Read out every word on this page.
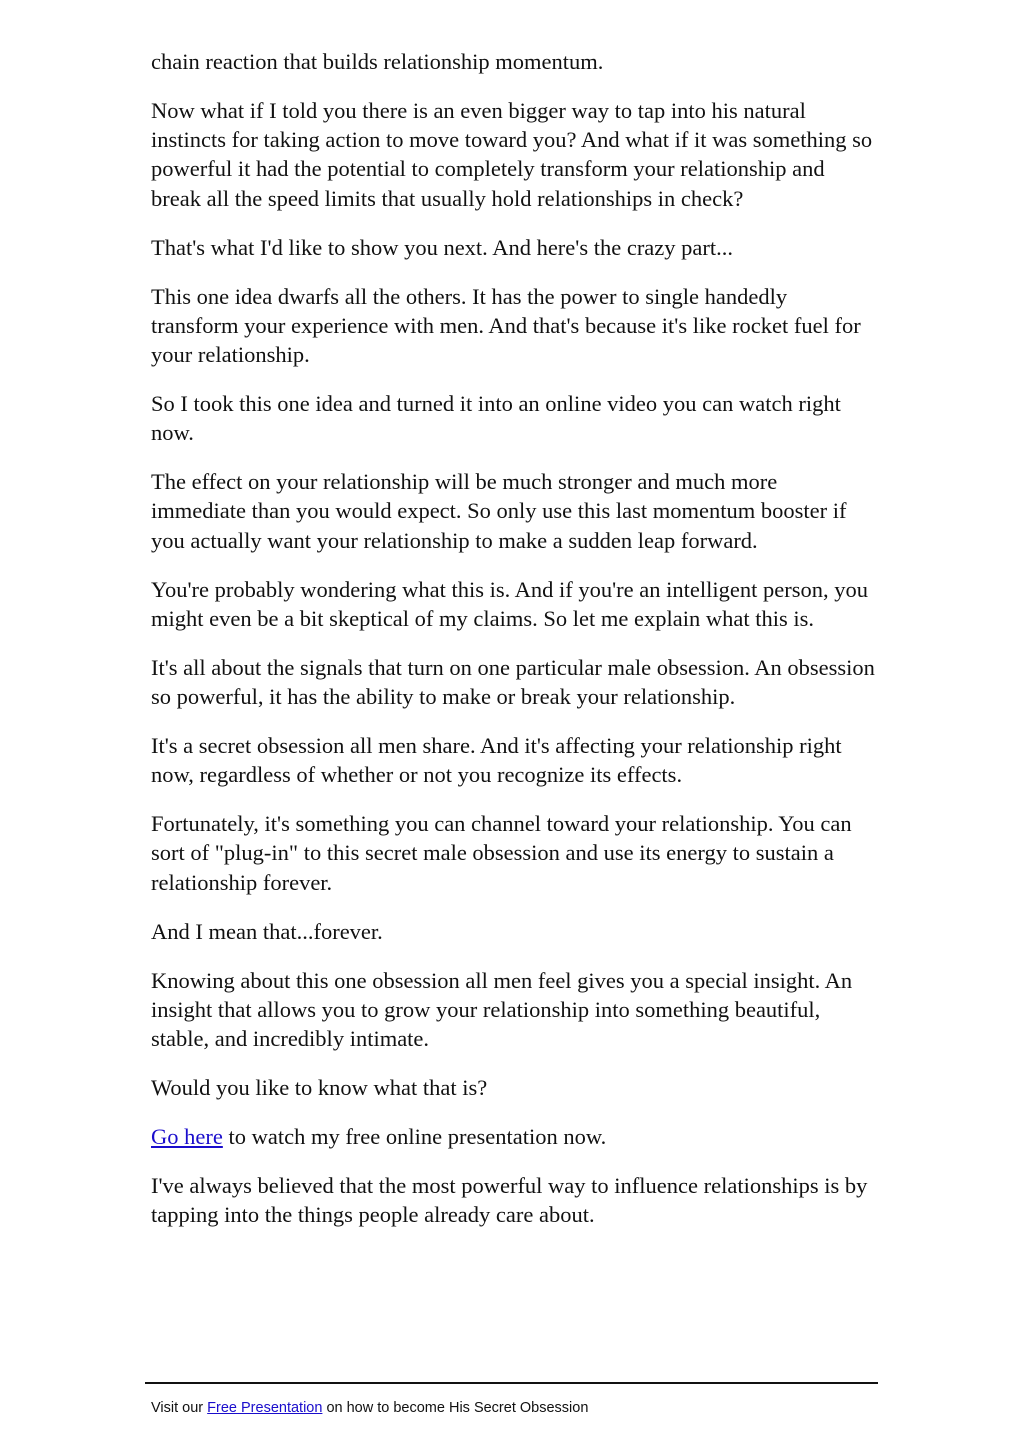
chain reaction that builds relationship momentum.

Now what if I told you there is an even bigger way to tap into his natural instincts for taking action to move toward you? And what if it was something so powerful it had the potential to completely transform your relationship and break all the speed limits that usually hold relationships in check?

That's what I'd like to show you next. And here's the crazy part...

This one idea dwarfs all the others. It has the power to single handedly transform your experience with men. And that's because it's like rocket fuel for your relationship.

So I took this one idea and turned it into an online video you can watch right now.

The effect on your relationship will be much stronger and much more immediate than you would expect. So only use this last momentum booster if you actually want your relationship to make a sudden leap forward.

You're probably wondering what this is. And if you're an intelligent person, you might even be a bit skeptical of my claims. So let me explain what this is.

It's all about the signals that turn on one particular male obsession. An obsession so powerful, it has the ability to make or break your relationship.

It's a secret obsession all men share. And it's affecting your relationship right now, regardless of whether or not you recognize its effects.

Fortunately, it's something you can channel toward your relationship. You can sort of "plug-in" to this secret male obsession and use its energy to sustain a relationship forever.

And I mean that...forever.

Knowing about this one obsession all men feel gives you a special insight. An insight that allows you to grow your relationship into something beautiful, stable, and incredibly intimate.

Would you like to know what that is?

Go here to watch my free online presentation now.

I've always believed that the most powerful way to influence relationships is by tapping into the things people already care about.

Visit our Free Presentation on how to become His Secret Obsession
